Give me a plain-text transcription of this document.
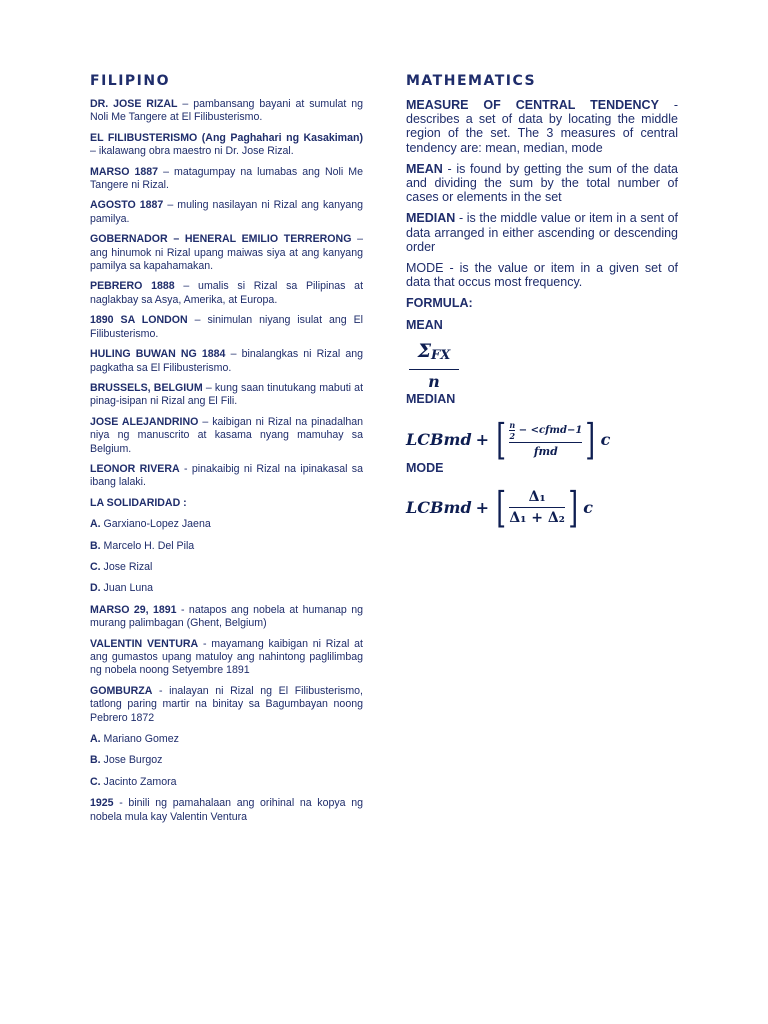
FILIPINO

DR. JOSE RIZAL – pambansang bayani at sumulat ng Noli Me Tangere at El Filibusterismo.

EL FILIBUSTERISMO (Ang Paghahari ng Kasakiman) – ikalawang obra maestro ni Dr. Jose Rizal.

MARSO 1887 – matagumpay na lumabas ang Noli Me Tangere ni Rizal.

AGOSTO 1887 – muling nasilayan ni Rizal ang kanyang pamilya.

GOBERNADOR – HENERAL EMILIO TERRERONG – ang hinumok ni Rizal upang maiwas siya at ang kanyang pamilya sa kapahamakan.

PEBRERO 1888 – umalis si Rizal sa Pilipinas at naglakbay sa Asya, Amerika, at Europa.

1890 SA LONDON – sinimulan niyang isulat ang El Filibusterismo.

HULING BUWAN NG 1884 – binalangkas ni Rizal ang pagkatha sa El Filibusterismo.

BRUSSELS, BELGIUM – kung saan tinutukang mabuti at pinag-isipan ni Rizal ang El Fili.

JOSE ALEJANDRINO – kaibigan ni Rizal na pinadalhan niya ng manuscrito at kasama nyang mamuhay sa Belgium.

LEONOR RIVERA - pinakaibig ni Rizal na ipinakasal sa ibang lalaki.

LA SOLIDARIDAD :

A. Garxiano-Lopez Jaena

B. Marcelo H. Del Pila

C. Jose Rizal

D. Juan Luna

MARSO 29, 1891 - natapos ang nobela at humanap ng murang palimbagan (Ghent, Belgium)

VALENTIN VENTURA - mayamang kaibigan ni Rizal at ang gumastos upang matuloy ang nahintong paglilimbag ng nobela noong Setyembre 1891

GOMBURZA - inalayan ni Rizal ng El Filibusterismo, tatlong paring martir na binitay sa Bagumbayan noong Pebrero 1872

A. Mariano Gomez

B. Jose Burgoz

C. Jacinto Zamora

1925 - binili ng pamahalaan ang orihinal na kopya ng nobela mula kay Valentin Ventura

MATHEMATICS

MEASURE OF CENTRAL TENDENCY - describes a set of data by locating the middle region of the set. The 3 measures of central tendency are: mean, median, mode

MEAN - is found by getting the sum of the data and dividing the sum by the total number of cases or elements in the set

MEDIAN - is the middle value or item in a sent of data arranged in either ascending or descending order

MODE - is the value or item in a given set of data that occus most frequency.

FORMULA:

MEAN

$\Sigma_{FX}$
n

MEDIAN

LCBmd + [ $\frac{\frac{n}{2} - <cfmd-1}{\text{fmd}}$ ] c

MODE

LCBmd + [ $\frac{\text{Δ₁}}{\text{Δ₁ + Δ₂}}$ ] c
